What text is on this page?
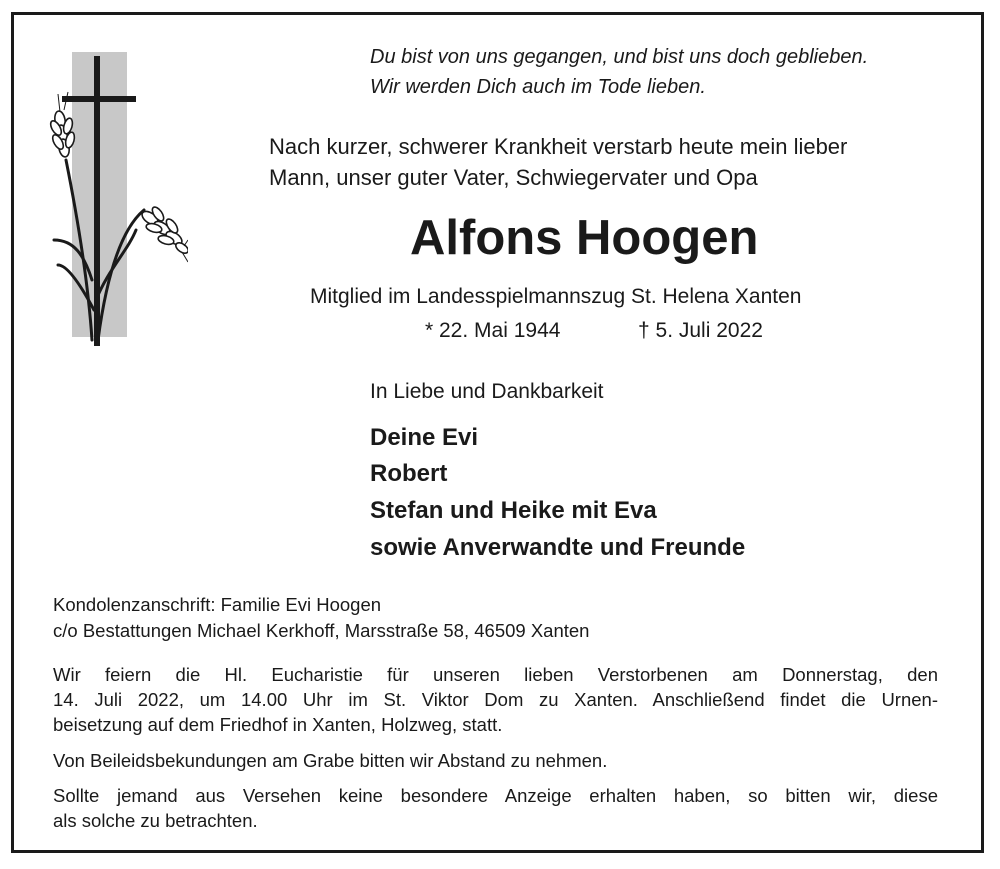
Du bist von uns gegangen, und bist uns doch geblieben.
Wir werden Dich auch im Tode lieben.
Nach kurzer, schwerer Krankheit verstarb heute mein lieber
Mann, unser guter Vater, Schwiegervater und Opa
Alfons Hoogen
Mitglied im Landesspielmannszug St. Helena Xanten
* 22. Mai 1944	† 5. Juli 2022
In Liebe und Dankbarkeit
Deine Evi
Robert
Stefan und Heike mit Eva
sowie Anverwandte und Freunde
Kondolenzanschrift: Familie Evi Hoogen
c/o Bestattungen Michael Kerkhoff, Marsstraße 58, 46509 Xanten
Wir feiern die Hl. Eucharistie für unseren lieben Verstorbenen am Donnerstag, den
14. Juli 2022, um 14.00 Uhr im St. Viktor Dom zu Xanten. Anschließend findet die Urnen-
beisetzung auf dem Friedhof in Xanten, Holzweg, statt.
Von Beileidsbekundungen am Grabe bitten wir Abstand zu nehmen.
Sollte jemand aus Versehen keine besondere Anzeige erhalten haben, so bitten wir, diese
als solche zu betrachten.
